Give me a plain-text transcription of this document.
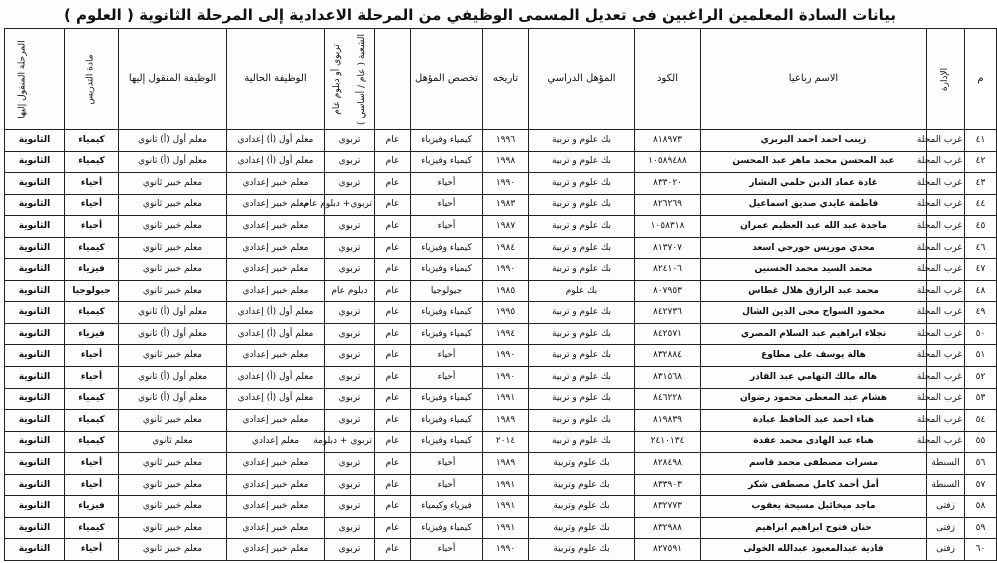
بيانات السادة المعلمين الراغبين فى تعديل المسمى الوظيفي من المرحلة الاعدادية إلى المرحلة الثانوية ( العلوم )
م	الإدارة	الاسم رباعيا	الكود	المؤهل الدراسي	تاريخه	تخصص المؤهل	الشعبة ( عام / أساسي )	تربوي أو دبلوم عام	الوظيفة الحالية	الوظيفة المنقول إليها	مادة التدريس	المرحلة المنقول إليها
٤١	غرب المحلة	زينب احمد احمد البربري	٨١٨٩٧٣	بك علوم و تربية	١٩٩٦	كيمياء وفيزياء	عام	تربوي	معلم أول (أ) إعدادي	معلم أول (أ) ثانوي	كيمياء	الثانوية
٤٢	غرب المحلة	عبد المحسن محمد ماهر عبد المحسن	١٠٥٨٩٤٨٨	بك علوم و تربية	١٩٩٨	كيمياء وفيزياء	عام	تربوي	معلم أول (أ) إعدادي	معلم أول (أ) ثانوي	كيمياء	الثانوية
٤٣	غرب المحلة	غادة عماد الدين حلمي النشار	٨٣٣٠٢٠	بك علوم و تربية	١٩٩٠	أحياء	عام	تربوي	معلم خبير إعدادي	معلم خبير ثانوي	أحياء	الثانوية
٤٤	غرب المحلة	فاطمة عايدي صديق اسماعيل	٨٢٦٢٦٩	بك علوم و تربية	١٩٨٣	أحياء	عام	تربوي+ دبلوم عام	معلم خبير إعدادي	معلم خبير ثانوي	أحياء	الثانوية
٤٥	غرب المحلة	ماجدة عبد الله عبد العظيم عمران	١٠٥٨٣١٨	بك علوم و تربية	١٩٨٧	أحياء	عام	تربوي	معلم خبير إعدادي	معلم خبير ثانوي	أحياء	الثانوية
٤٦	غرب المحلة	مجدي موريس جورجي اسعد	٨١٣٧٠٧	بك علوم و تربية	١٩٨٤	كيمياء وفيزياء	عام	تربوي	معلم خبير إعدادي	معلم خبير ثانوي	كيمياء	الثانوية
٤٧	غرب المحلة	محمد السيد محمد الحسنين	٨٢٤١٠٦	بك علوم و تربية	١٩٩٠	كيمياء وفيزياء	عام	تربوي	معلم خبير إعدادي	معلم خبير ثانوي	فيزياء	الثانوية
٤٨	غرب المحلة	محمد عبد الرازق هلال غطاس	٨٠٧٩٥٣	بك علوم	١٩٨٥	جيولوجيا	عام	دبلوم عام	معلم خبير إعدادي	معلم خبير ثانوي	جيولوجيا	الثانوية
٤٩	غرب المحلة	محمود السواح محى الدين الشال	٨٤٢٧٣٦	بك علوم و تربية	١٩٩٥	كيمياء وفيزياء	عام	تربوي	معلم أول (أ) إعدادي	معلم أول (أ) ثانوي	كيمياء	الثانوية
٥٠	غرب المحلة	نجلاء ابراهيم عبد السلام المصري	٨٤٢٥٧١	بك علوم و تربية	١٩٩٤	كيمياء وفيزياء	عام	تربوي	معلم أول (أ) إعدادي	معلم أول (أ) ثانوي	فيزياء	الثانوية
٥١	غرب المحلة	هالة يوسف على مطاوع	٨٣٢٨٨٤	بك علوم و تربية	١٩٩٠	أحياء	عام	تربوي	معلم خبير إعدادي	معلم خبير ثانوي	أحياء	الثانوية
٥٢	غرب المحلة	هاله مالك التهامي عبد القادر	٨٣١٥٦٨	بك علوم و تربية	١٩٩٠	أحياء	عام	تربوي	معلم أول (أ) إعدادي	معلم أول (أ) ثانوي	أحياء	الثانوية
٥٣	غرب المحلة	هشام عبد المعطى محمود رضوان	٨٤٦٢٢٨	بك علوم و تربية	١٩٩١	كيمياء وفيزياء	عام	تربوي	معلم أول (أ) إعدادي	معلم أول (أ) ثانوي	كيمياء	الثانوية
٥٤	غرب المحلة	هناء احمد عبد الحافظ عبادة	٨١٩٨٣٩	بك علوم و تربية	١٩٨٩	كيمياء وفيزياء	عام	تربوي	معلم خبير إعدادي	معلم خبير ثانوي	كيمياء	الثانوية
٥٥	غرب المحلة	هناء عبد الهادى محمد عقدة	٢٤١٠١٣٤	بك علوم و تربية	٢٠١٤	كيمياء وفيزياء	عام	تربوي + دبلومة	معلم إعدادي	معلم ثانوي	كيمياء	الثانوية
٥٦	السنطة	مسرات مصطفى محمد قاسم	٨٢٨٤٩٨	بك علوم وتربية	١٩٨٩	أحياء	عام	تربوي	معلم خبير إعدادي	معلم خبير ثانوي	أحياء	الثانوية
٥٧	السنطة	أمل أحمد كامل مصطفى شكر	٨٣٣٩٠٣	بك علوم وتربية	١٩٩١	أحياء	عام	تربوي	معلم خبير إعدادي	معلم خبير ثانوي	أحياء	الثانوية
٥٨	زفتى	ماجد ميخائيل مسيحة يعقوب	٨٣٢٧٧٣	بك علوم وتربية	١٩٩١	فيزياء وكيمياء	عام	تربوي	معلم خبير إعدادي	معلم خبير ثانوي	فيزياء	الثانوية
٥٩	زفتى	حنان فتوح ابراهيم ابراهيم	٨٣٢٩٨٨	بك علوم وتربية	١٩٩١	كيمياء وفيزياء	عام	تربوى	معلم خبير إعدادي	معلم خبير ثانوي	كيمياء	الثانوية
٦٠	زفتى	فادية عبدالمعبود عبدالله الخولى	٨٢٧٥٩١	بك علوم وتربية	١٩٩٠	أحياء	عام	تربوى	معلم خبير إعدادي	معلم خبير ثانوي	أحياء	الثانوية
